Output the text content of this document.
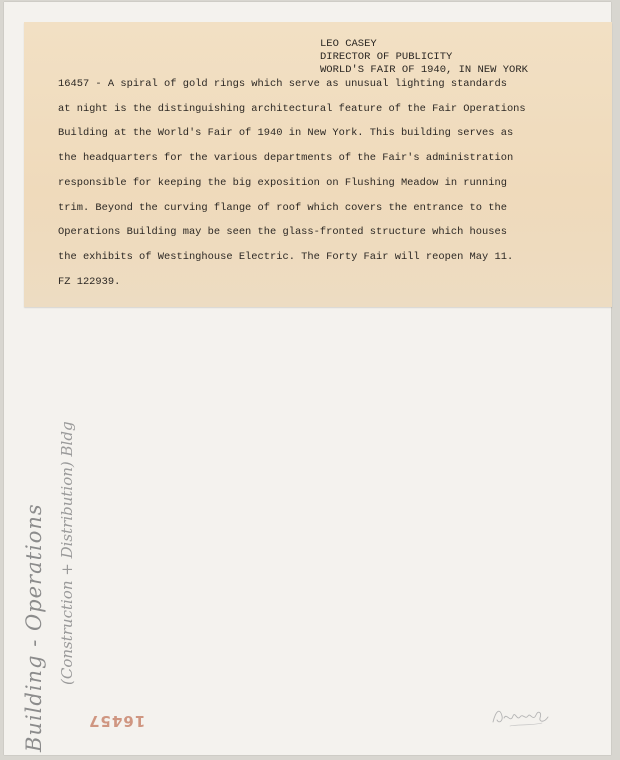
LEO CASEY
DIRECTOR OF PUBLICITY
WORLD'S FAIR OF 1940, IN NEW YORK
16457 - A spiral of gold rings which serve as unusual lighting standards
at night is the distinguishing architectural feature of the Fair Operations
Building at the World's Fair of 1940 in New York. This building serves as
the headquarters for the various departments of the Fair's administration
responsible for keeping the big exposition on Flushing Meadow in running
trim. Beyond the curving flange of roof which covers the entrance to the
Operations Building may be seen the glass-fronted structure which houses
the exhibits of Westinghouse Electric. The Forty Fair will reopen May 11.
FZ 122939.
Building - Operations (Construction + Distribution) Bldg
16457
